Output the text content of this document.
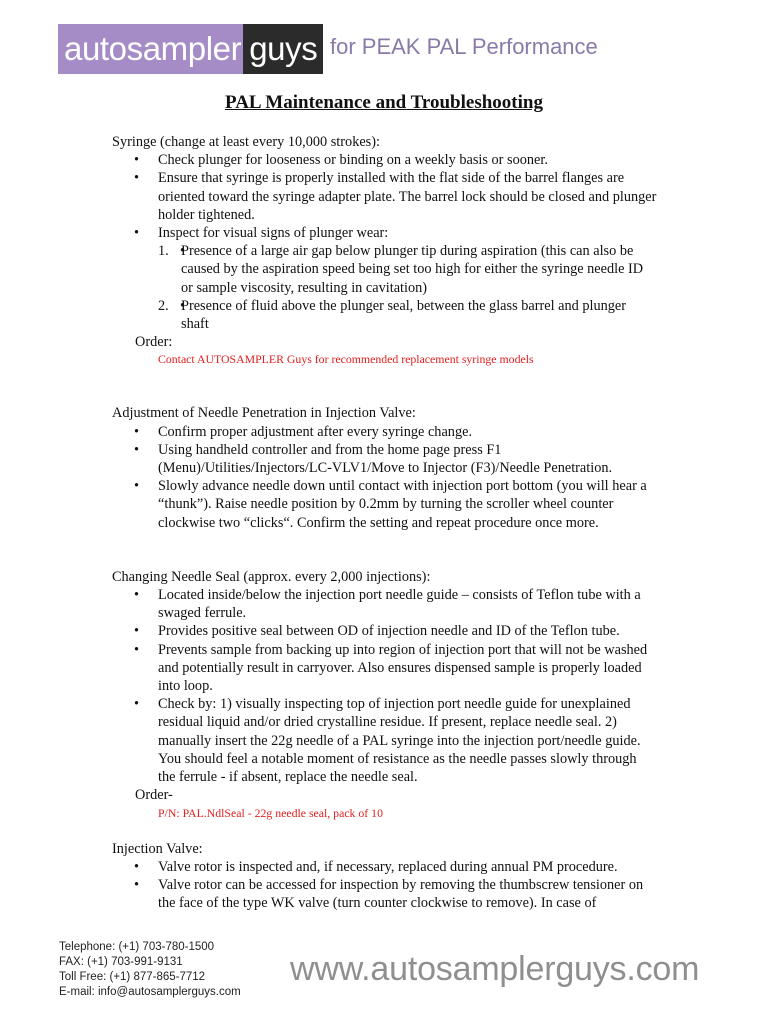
autosampler guys for PEAK PAL Performance
PAL Maintenance and Troubleshooting

Syringe (change at least every 10,000 strokes):

• Check plunger for looseness or binding on a weekly basis or sooner.
• Ensure that syringe is properly installed with the flat side of the barrel flanges are oriented toward the syringe adapter plate. The barrel lock should be closed and plunger holder tightened.
• Inspect for visual signs of plunger wear:
• 1. Presence of a large air gap below plunger tip during aspiration (this can also be caused by the aspiration speed being set too high for either the syringe needle ID or sample viscosity, resulting in cavitation)
• 2. Presence of fluid above the plunger seal, between the glass barrel and plunger shaft
Order:
Contact AUTOSAMPLER Guys for recommended replacement syringe models

Adjustment of Needle Penetration in Injection Valve:

• Confirm proper adjustment after every syringe change.
• Using handheld controller and from the home page press F1 (Menu)/Utilities/Injectors/LC-VLV1/Move to Injector (F3)/Needle Penetration.
• Slowly advance needle down until contact with injection port bottom (you will hear a “thunk”). Raise needle position by 0.2mm by turning the scroller wheel counter clockwise two “clicks“. Confirm the setting and repeat procedure once more.

Changing Needle Seal (approx. every 2,000 injections):

• Located inside/below the injection port needle guide – consists of Teflon tube with a swaged ferrule.
• Provides positive seal between OD of injection needle and ID of the Teflon tube.
• Prevents sample from backing up into region of injection port that will not be washed and potentially result in carryover. Also ensures dispensed sample is properly loaded into loop.
• Check by: 1) visually inspecting top of injection port needle guide for unexplained residual liquid and/or dried crystalline residue. If present, replace needle seal. 2) manually insert the 22g needle of a PAL syringe into the injection port/needle guide. You should feel a notable moment of resistance as the needle passes slowly through the ferrule - if absent, replace the needle seal.
Order-
P/N: PAL.NdlSeal - 22g needle seal, pack of 10

Injection Valve:

• Valve rotor is inspected and, if necessary, replaced during annual PM procedure.
• Valve rotor can be accessed for inspection by removing the thumbscrew tensioner on the face of the type WK valve (turn counter clockwise to remove). In case of
Telephone: (+1) 703-780-1500
FAX: (+1) 703-991-9131
Toll Free: (+1) 877-865-7712
E-mail: info@autosamplerguys.com
www.autosamplerguys.com
